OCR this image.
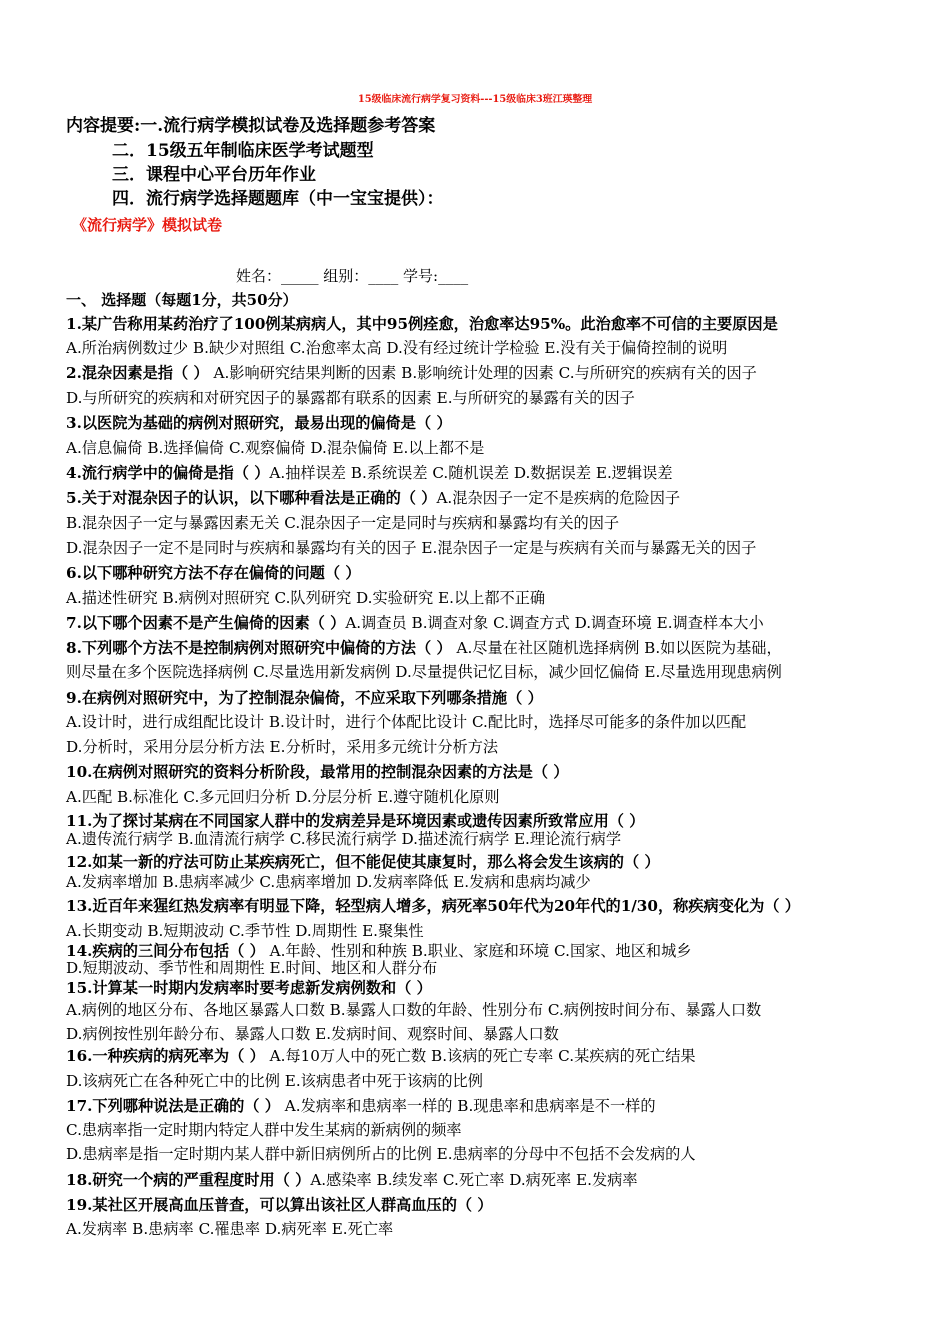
15级临床流行病学复习资料---15级临床3班江瑛整理
内容提要:一.流行病学模拟试卷及选择题参考答案
二．15级五年制临床医学考试题型
三．课程中心平台历年作业
四．流行病学选择题题库（中一宝宝提供）：
《流行病学》模拟试卷
姓名：_____ 组别：____ 学号:____
一、 选择题（每题1分，共50分）
1.某广告称用某药治疗了100例某病病人，其中95例痊愈，治愈率达95%。此治愈率不可信的主要原因是
A.所治病例数过少 B.缺少对照组 C.治愈率太高 D.没有经过统计学检验 E.没有关于偏倚控制的说明
2.混杂因素是指（ ） A.影响研究结果判断的因素 B.影响统计处理的因素 C.与所研究的疾病有关的因子
D.与所研究的疾病和对研究因子的暴露都有联系的因素 E.与所研究的暴露有关的因子
3.以医院为基础的病例对照研究，最易出现的偏倚是（ ）
A.信息偏倚 B.选择偏倚 C.观察偏倚 D.混杂偏倚 E.以上都不是
4.流行病学中的偏倚是指（ ）A.抽样误差 B.系统误差 C.随机误差 D.数据误差 E.逻辑误差
5.关于对混杂因子的认识，以下哪种看法是正确的（ ）A.混杂因子一定不是疾病的危险因子
B.混杂因子一定与暴露因素无关 C.混杂因子一定是同时与疾病和暴露均有关的因子
D.混杂因子一定不是同时与疾病和暴露均有关的因子 E.混杂因子一定是与疾病有关而与暴露无关的因子
6.以下哪种研究方法不存在偏倚的问题（ ）
A.描述性研究 B.病例对照研究 C.队列研究 D.实验研究 E.以上都不正确
7.以下哪个因素不是产生偏倚的因素（ ）A.调查员 B.调查对象 C.调查方式 D.调查环境 E.调查样本大小
8.下列哪个方法不是控制病例对照研究中偏倚的方法（ ） A.尽量在社区随机选择病例 B.如以医院为基础，
则尽量在多个医院选择病例 C.尽量选用新发病例 D.尽量提供记忆目标，减少回忆偏倚 E.尽量选用现患病例
9.在病例对照研究中，为了控制混杂偏倚，不应采取下列哪条措施（ ）
A.设计时，进行成组配比设计 B.设计时，进行个体配比设计 C.配比时，选择尽可能多的条件加以匹配
D.分析时，采用分层分析方法 E.分析时，采用多元统计分析方法
10.在病例对照研究的资料分析阶段，最常用的控制混杂因素的方法是（ ）
A.匹配 B.标准化 C.多元回归分析 D.分层分析 E.遵守随机化原则
11.为了探讨某病在不同国家人群中的发病差异是环境因素或遗传因素所致常应用（ ）
A.遗传流行病学 B.血清流行病学 C.移民流行病学 D.描述流行病学 E.理论流行病学
12.如某一新的疗法可防止某疾病死亡，但不能促使其康复时，那么将会发生该病的（ ）
A.发病率增加 B.患病率减少 C.患病率增加 D.发病率降低 E.发病和患病均减少
13.近百年来猩红热发病率有明显下降，轻型病人增多，病死率50年代为20年代的1/30，称疾病变化为（ ）
A.长期变动 B.短期波动 C.季节性 D.周期性 E.聚集性
14.疾病的三间分布包括（ ） A.年龄、性别和种族 B.职业、家庭和环境 C.国家、地区和城乡
D.短期波动、季节性和周期性 E.时间、地区和人群分布
15.计算某一时期内发病率时要考虑新发病例数和（ ）
A.病例的地区分布、各地区暴露人口数 B.暴露人口数的年龄、性别分布 C.病例按时间分布、暴露人口数
D.病例按性别年龄分布、暴露人口数 E.发病时间、观察时间、暴露人口数
16.一种疾病的病死率为（ ） A.每10万人中的死亡数 B.该病的死亡专率 C.某疾病的死亡结果
D.该病死亡在各种死亡中的比例 E.该病患者中死于该病的比例
17.下列哪种说法是正确的（ ） A.发病率和患病率一样的 B.现患率和患病率是不一样的
C.患病率指一定时期内特定人群中发生某病的新病例的频率
D.患病率是指一定时期内某人群中新旧病例所占的比例 E.患病率的分母中不包括不会发病的人
18.研究一个病的严重程度时用（ ）A.感染率 B.续发率 C.死亡率 D.病死率 E.发病率
19.某社区开展高血压普查，可以算出该社区人群高血压的（ ）
A.发病率 B.患病率 C.罹患率 D.病死率 E.死亡率
